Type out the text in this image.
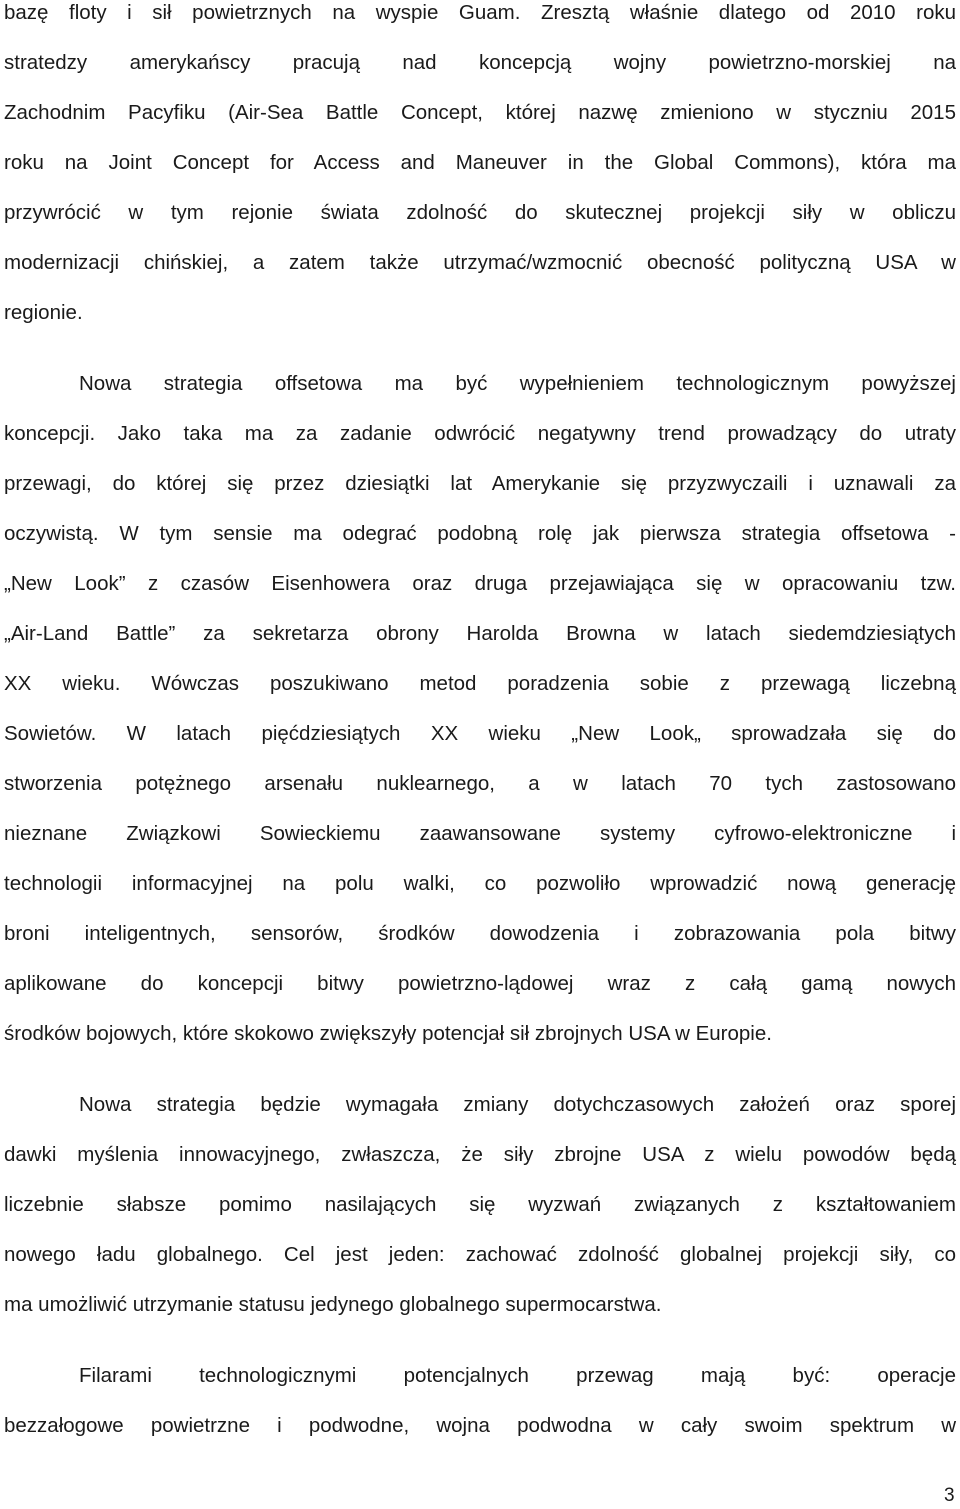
bazę floty i sił powietrznych na wyspie Guam. Zresztą właśnie dlatego od 2010 roku
stratedzy amerykańscy pracują nad koncepcją wojny powietrzno-morskiej na
Zachodnim Pacyfiku (Air-Sea Battle Concept, której nazwę zmieniono w styczniu 2015
roku na Joint Concept for Access and Maneuver in the Global Commons), która ma
przywrócić w tym rejonie świata zdolność do skutecznej projekcji siły w obliczu
modernizacji chińskiej, a zatem także utrzymać/wzmocnić obecność polityczną USA w
regionie.
Nowa strategia offsetowa ma być wypełnieniem technologicznym powyższej
koncepcji. Jako taka ma za zadanie odwrócić negatywny trend prowadzący do utraty
przewagi, do której się przez dziesiątki lat Amerykanie się przyzwyczaili i uznawali za
oczywistą. W tym sensie ma odegrać podobną rolę jak pierwsza strategia offsetowa -
„New Look” z czasów Eisenhowera oraz druga przejawiająca się w opracowaniu tzw.
„Air-Land Battle” za sekretarza obrony Harolda Browna w latach siedemdziesiątych
XX wieku. Wówczas poszukiwano metod poradzenia sobie z przewagą liczebną
Sowietów. W latach pięćdziesiątych XX wieku „New Look„ sprowadzała się do
stworzenia potężnego arsenału nuklearnego, a w latach 70 tych zastosowano
nieznane Związkowi Sowieckiemu zaawansowane systemy cyfrowo-elektroniczne i
technologii informacyjnej na polu walki, co pozwoliło wprowadzić nową generację
broni inteligentnych, sensorów, środków dowodzenia i zobrazowania pola bitwy
aplikowane do koncepcji bitwy powietrzno-lądowej wraz z całą gamą nowych
środków bojowych, które skokowo zwiększyły potencjał sił zbrojnych USA w Europie.
Nowa strategia będzie wymagała zmiany dotychczasowych założeń oraz sporej
dawki myślenia innowacyjnego, zwłaszcza, że siły zbrojne USA z wielu powodów będą
liczebnie słabsze pomimo nasilających się wyzwań związanych z kształtowaniem
nowego ładu globalnego. Cel jest jeden: zachować zdolność globalnej projekcji siły, co
ma umożliwić utrzymanie statusu jedynego globalnego supermocarstwa.
Filarami technologicznymi potencjalnych przewag mają być: operacje
bezzałogowe powietrzne i podwodne, wojna podwodna w cały swoim spektrum w
3
